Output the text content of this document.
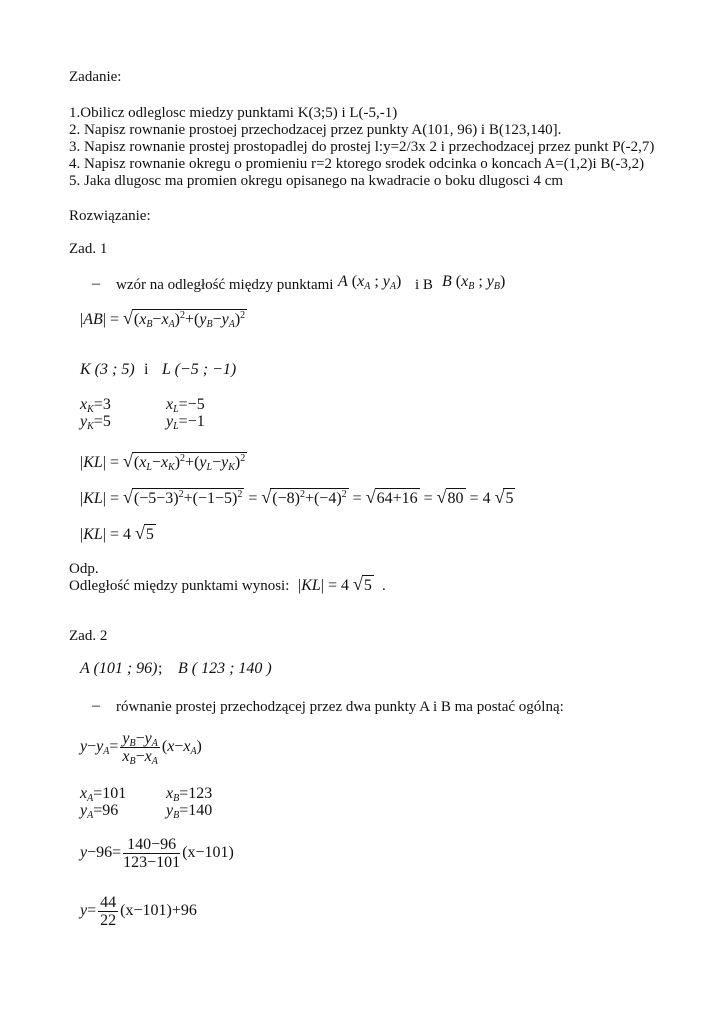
Zadanie:
1.Obilicz odleglosc miedzy punktami K(3;5) i L(-5,-1)
2. Napisz rownanie prostoej przechodzacej przez punkty A(101, 96) i B(123,140].
3. Napisz rownanie prostej prostopadlej do prostej l:y=2/3x 2 i przechodzacej przez punkt P(-2,7)
4. Napisz rownanie okregu o promieniu r=2 ktorego srodek odcinka o koncach A=(1,2)i B(-3,2)
5. Jaka dlugosc ma promien okregu opisanego na kwadracie o boku dlugosci 4 cm
Rozwiązanie:
Zad. 1
– wzór na odległość między punktami A ($x_A$ ; $y_A$) i B B ($x_B$ ; $y_B$)
$|AB| = √(x_B-x_A)^2+(y_B-y_A)^2$
K (3 ; 5) i L (−5 ; −1)
$x_K=3$	$x_L=-5$
$y_K=5$	$y_L=-1$
$|KL| = √(x_L-x_K)^2+(y_L-y_K)^2$
$|KL| = √(-5-3)^2+(-1-5)^2 = √(-8)^2+(-4)^2 = √64+16 = √80 = 4$ √5
|KL| = 4 √5
Odp.
Odległość między punktami wynosi: |KL| = 4 √5 .
Zad. 2
A (101 ; 96) ; B ( 123 ; 140 )
– równanie prostej przechodzącej przez dwa punkty A i B ma postać ogólną:
$y-y_A= \frac{y_B-y_A}{x_B-x_A} (x-x_A)$
$x_A=101$ $x_B=123$
$y_A=96$	$y_B=140$
$y-96= \frac{140-96}{123-101} (x-101)$
$y= \frac{44}{22} (x-101)+96$
